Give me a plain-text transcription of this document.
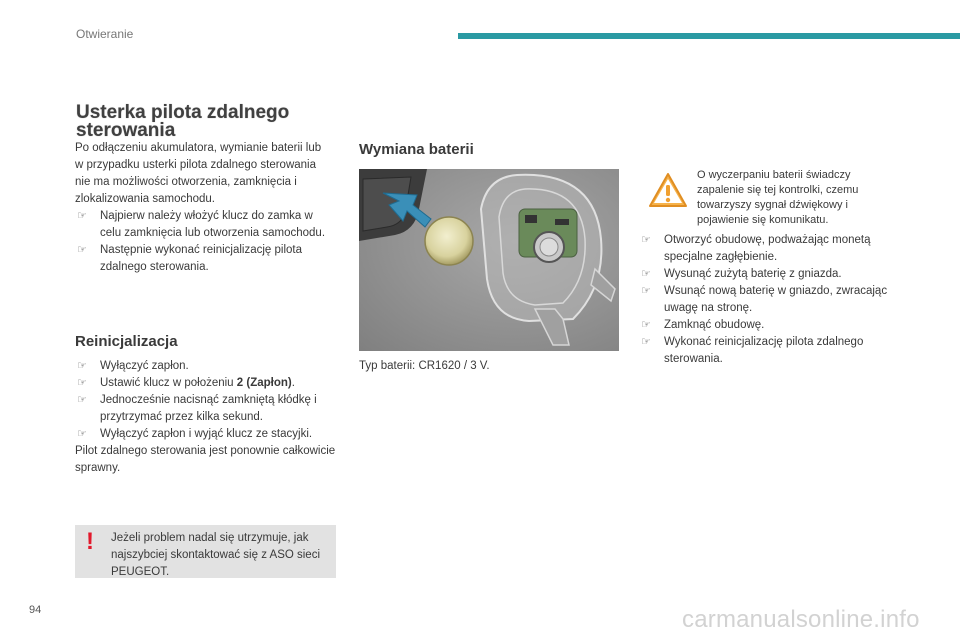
Otwieranie
Usterka pilota zdalnego sterowania
Po odłączeniu akumulatora, wymianie baterii lub w przypadku usterki pilota zdalnego sterowania nie ma możliwości otworzenia, zamknięcia i zlokalizowania samochodu.
☞ Najpierw należy włożyć klucz do zamka w celu zamknięcia lub otworzenia samochodu.
☞ Następnie wykonać reinicjalizację pilota zdalnego sterowania.
Reinicjalizacja
☞ Wyłączyć zapłon.
☞ Ustawić klucz w położeniu 2 (Zapłon).
☞ Jednocześnie nacisnąć zamkniętą kłódkę i przytrzymać przez kilka sekund.
☞ Wyłączyć zapłon i wyjąć klucz ze stacyjki.
Pilot zdalnego sterowania jest ponownie całkowicie sprawny.
! Jeżeli problem nadal się utrzymuje, jak najszybciej skontaktować się z ASO sieci PEUGEOT.
Wymiana baterii
Typ baterii: CR1620 / 3 V.
O wyczerpaniu baterii świadczy zapalenie się tej kontrolki, czemu towarzyszy sygnał dźwiękowy i pojawienie się komunikatu.
☞ Otworzyć obudowę, podważając monetą specjalne zagłębienie.
☞ Wysunąć zużytą baterię z gniazda.
☞ Wsunąć nową baterię w gniazdo, zwracając uwagę na stronę.
☞ Zamknąć obudowę.
☞ Wykonać reinicjalizację pilota zdalnego sterowania.
94	carmanualsonline.info
